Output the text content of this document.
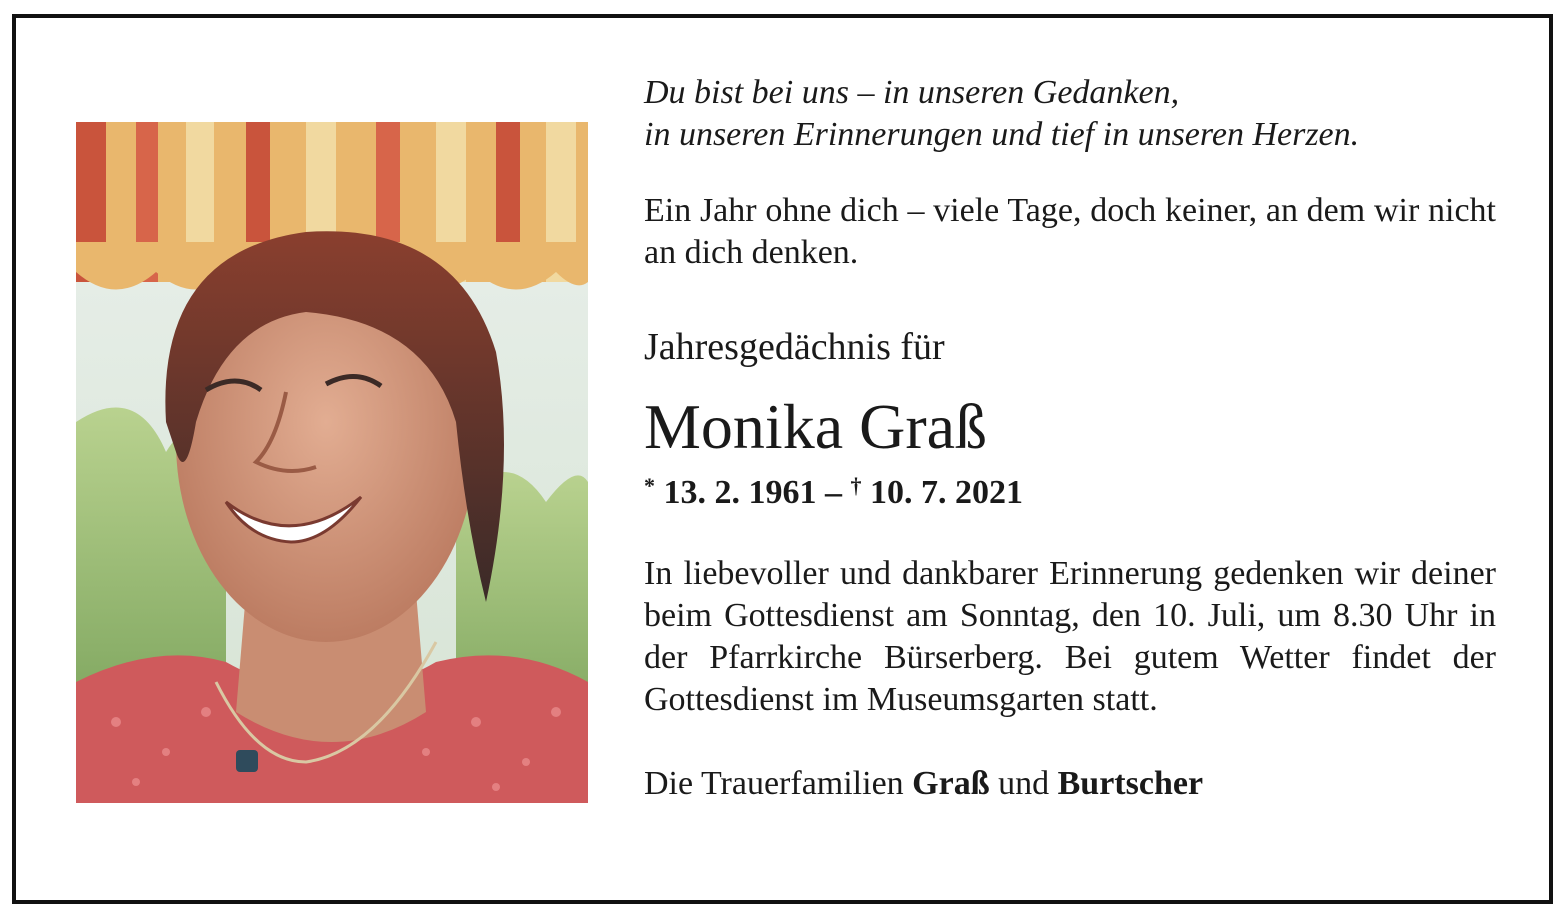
Du bist bei uns – in unseren Gedanken,
in unseren Erinnerungen und tief in unseren Herzen.
Ein Jahr ohne dich – viele Tage, doch keiner, an dem wir nicht an dich denken.
Jahresgedächnis für
Monika Graß
* 13. 2. 1961 – † 10. 7. 2021
In liebevoller und dankbarer Erinnerung gedenken wir deiner beim Gottesdienst am Sonntag, den 10. Juli, um 8.30 Uhr in der Pfarrkirche Bürserberg. Bei gutem Wetter findet der Gottesdienst im Museumsgarten statt.
Die Trauerfamilien Graß und Burtscher
